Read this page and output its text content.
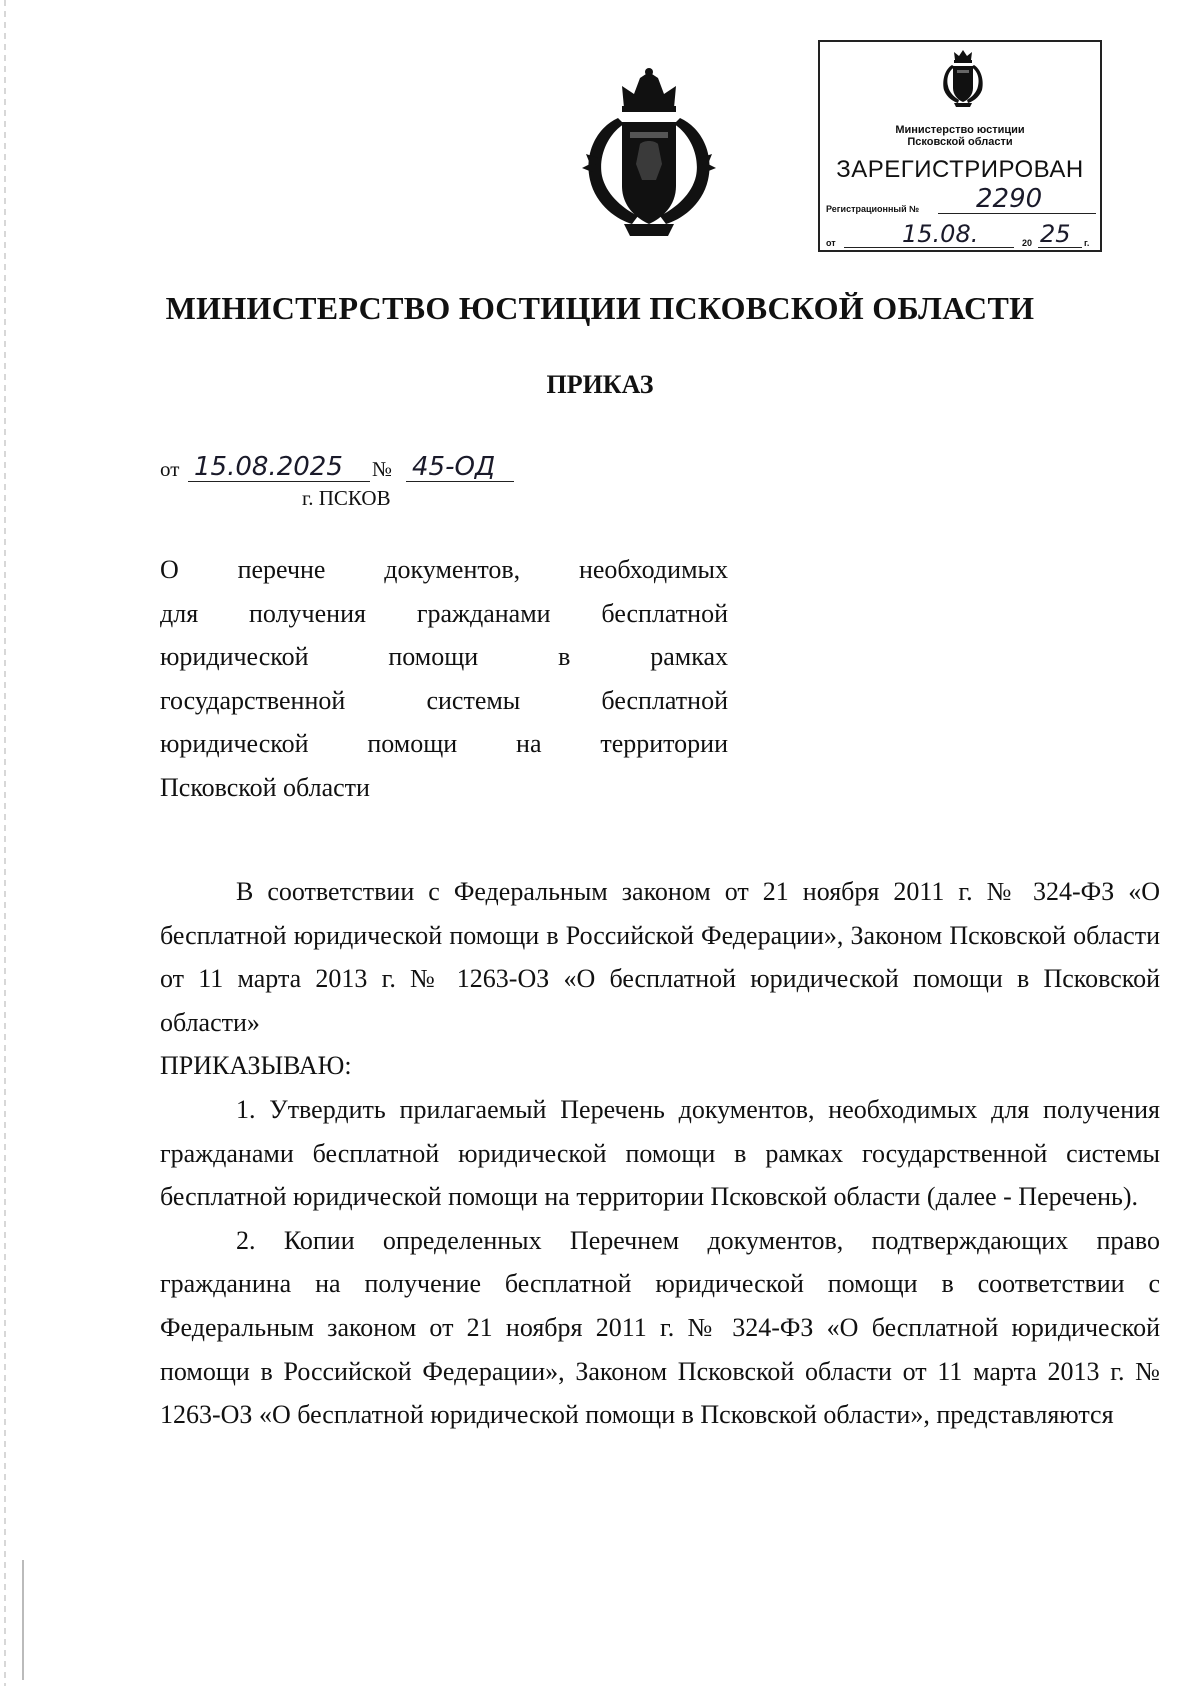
Министерство юстиции
Псковской области
ЗАРЕГИСТРИРОВАН
Регистрационный № 2290
от	15.08.	20 25 г.
МИНИСТЕРСТВО ЮСТИЦИИ ПСКОВСКОЙ ОБЛАСТИ
ПРИКАЗ
от 15.08.2025 № 45-ОД
г. ПСКОВ
О перечне документов, необходимых
для получения гражданами бесплатной
юридической помощи в рамках
государственной системы бесплатной
юридической помощи на территории
Псковской области

В соответствии с Федеральным законом от 21 ноября 2011 г. № 324-ФЗ «О бесплатной юридической помощи в Российской Федерации», Законом Псковской области от 11 марта 2013 г. № 1263-ОЗ «О бесплатной юридической помощи в Псковской области»

ПРИКАЗЫВАЮ:

1. Утвердить прилагаемый Перечень документов, необходимых для получения гражданами бесплатной юридической помощи в рамках государственной системы бесплатной юридической помощи на территории Псковской области (далее - Перечень).

2. Копии определенных Перечнем документов, подтверждающих право гражданина на получение бесплатной юридической помощи в соответствии с Федеральным законом от 21 ноября 2011 г. № 324-ФЗ «О бесплатной юридической помощи в Российской Федерации», Законом Псковской области от 11 марта 2013 г. № 1263-ОЗ «О бесплатной юридической помощи в Псковской области», представляются
